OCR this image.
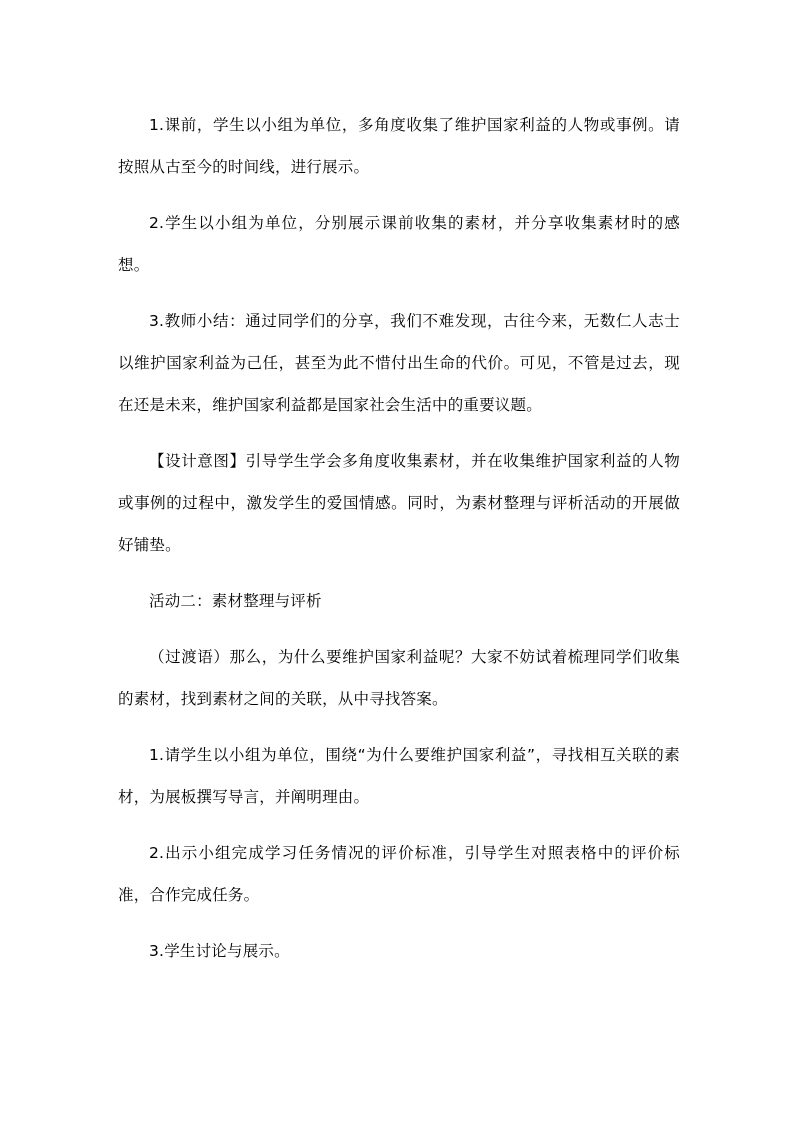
1.课前，学生以小组为单位，多角度收集了维护国家利益的人物或事例。请按照从古至今的时间线，进行展示。

2.学生以小组为单位，分别展示课前收集的素材，并分享收集素材时的感想。

3.教师小结：通过同学们的分享，我们不难发现，古往今来，无数仁人志士以维护国家利益为己任，甚至为此不惜付出生命的代价。可见，不管是过去，现在还是未来，维护国家利益都是国家社会生活中的重要议题。

【设计意图】引导学生学会多角度收集素材，并在收集维护国家利益的人物或事例的过程中，激发学生的爱国情感。同时，为素材整理与评析活动的开展做好铺垫。

活动二：素材整理与评析

（过渡语）那么，为什么要维护国家利益呢？大家不妨试着梳理同学们收集的素材，找到素材之间的关联，从中寻找答案。

1.请学生以小组为单位，围绕“为什么要维护国家利益”，寻找相互关联的素材，为展板撰写导言，并阐明理由。

2.出示小组完成学习任务情况的评价标准，引导学生对照表格中的评价标准，合作完成任务。

3.学生讨论与展示。
